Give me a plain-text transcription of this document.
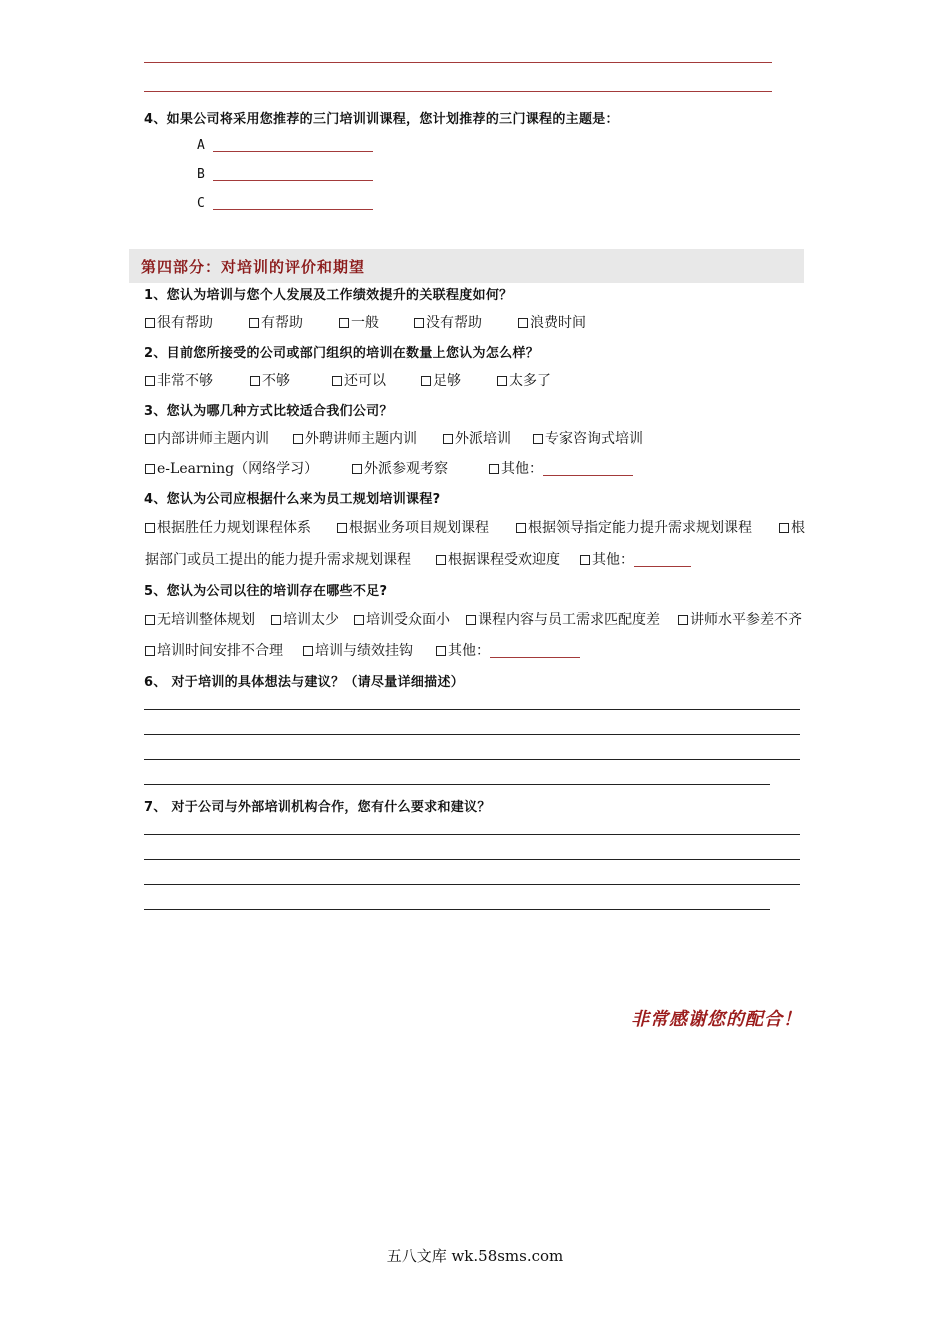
4、如果公司将采用您推荐的三门培训训课程，您计划推荐的三门课程的主题是：
A
B
C
第四部分：对培训的评价和期望
1、您认为培训与您个人发展及工作绩效提升的关联程度如何？
很有帮助	有帮助	一般	没有帮助	浪费时间
2、目前您所接受的公司或部门组织的培训在数量上您认为怎么样？
非常不够	不够	还可以	足够	太多了
3、您认为哪几种方式比较适合我们公司？
内部讲师主题内训	外聘讲师主题内训	外派培训	专家咨询式培训
e-Learning（网络学习）	外派参观考察	其他：
4、您认为公司应根据什么来为员工规划培训课程?
根据胜任力规划课程体系	根据业务项目规划课程	根据领导指定能力提升需求规划课程	根
据部门或员工提出的能力提升需求规划课程	根据课程受欢迎度	其他：
5、您认为公司以往的培训存在哪些不足?
无培训整体规划	培训太少	培训受众面小	课程内容与员工需求匹配度差	讲师水平参差不齐
培训时间安排不合理	培训与绩效挂钩	其他：
6、 对于培训的具体想法与建议？（请尽量详细描述）
7、 对于公司与外部培训机构合作，您有什么要求和建议？
非常感谢您的配合！
五八文库 wk.58sms.com
